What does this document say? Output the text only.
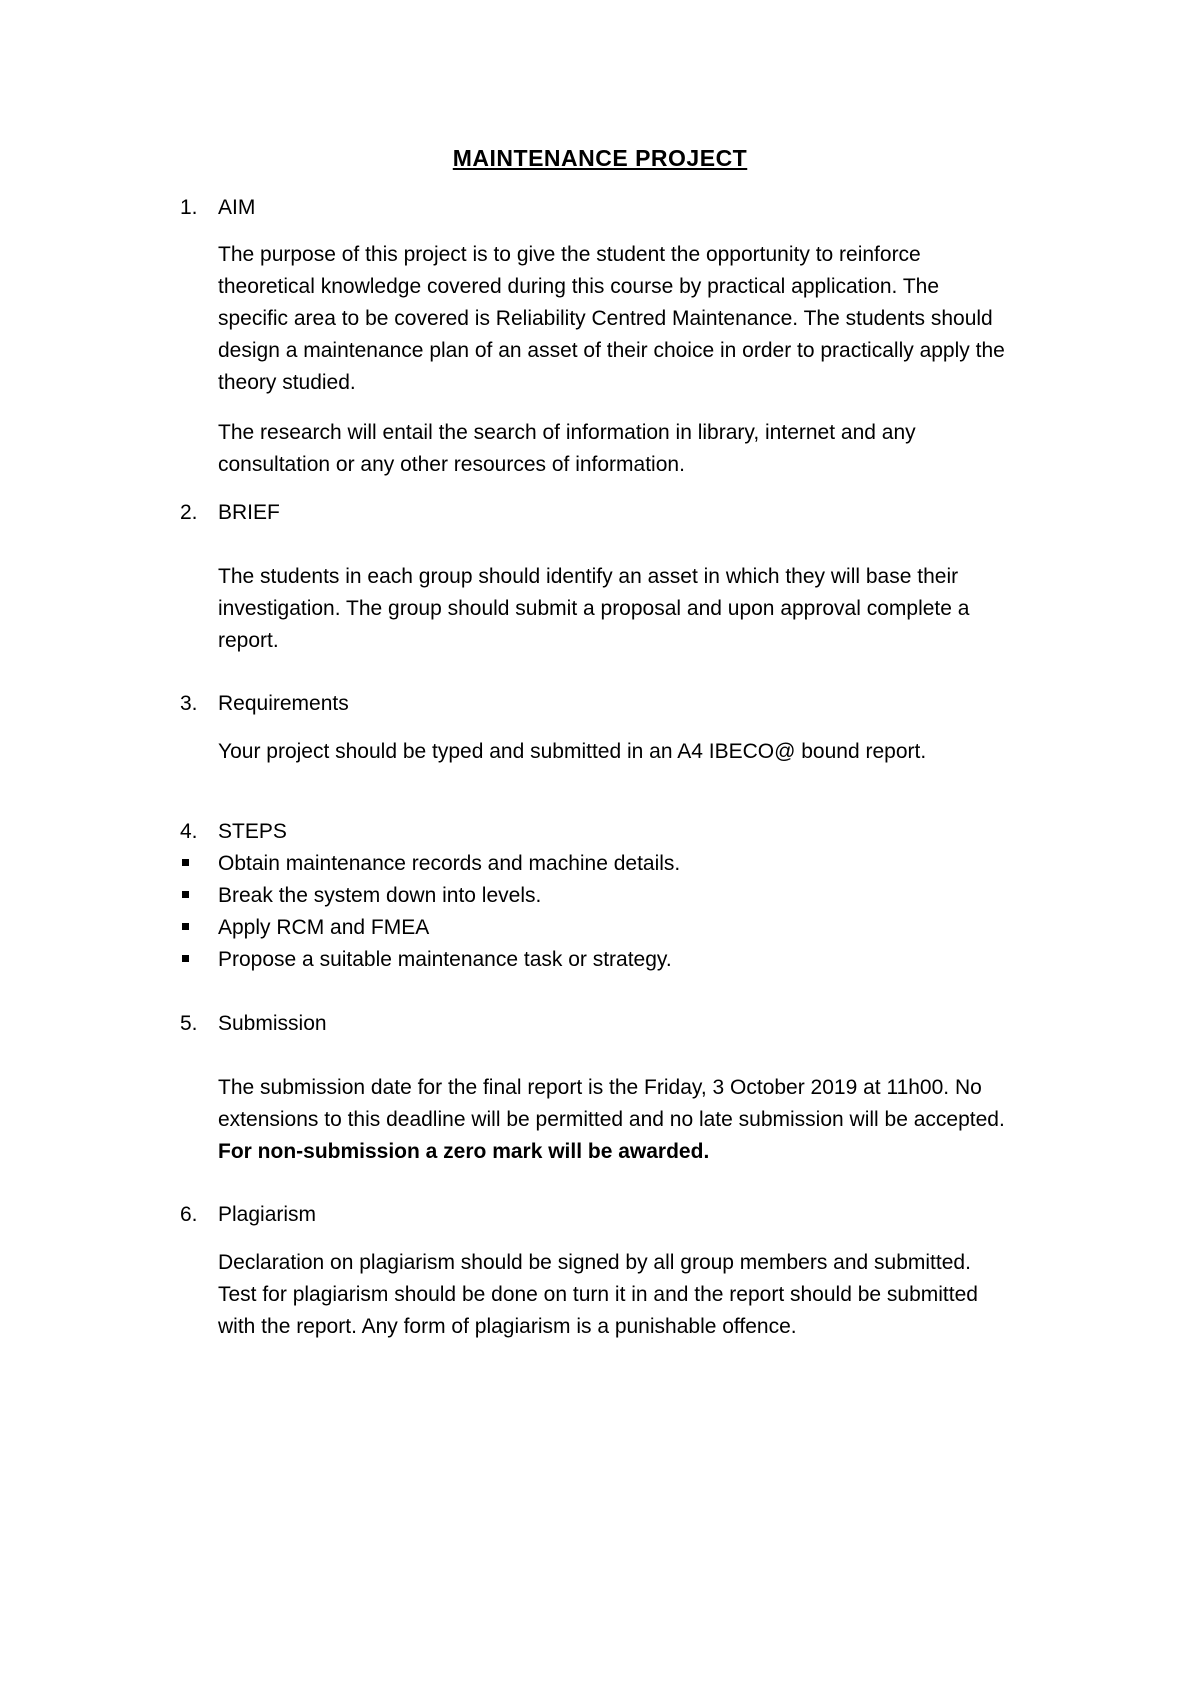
MAINTENANCE PROJECT
1. AIM
The purpose of this project is to give the student the opportunity to reinforce
theoretical knowledge covered during this course by practical application. The
specific area to be covered is Reliability Centred Maintenance. The students should
design a maintenance plan of an asset of their choice in order to practically apply the
theory studied.
The research will entail the search of information in library, internet and any
consultation or any other resources of information.
2. BRIEF
The students in each group should identify an asset in which they will base their
investigation. The group should submit a proposal and upon approval complete a
report.
3. Requirements
Your project should be typed and submitted in an A4 IBECO@ bound report.
4. STEPS
Obtain maintenance records and machine details.
Break the system down into levels.
Apply RCM and FMEA
Propose a suitable maintenance task or strategy.
5. Submission
The submission date for the final report is the Friday, 3 October 2019 at 11h00. No
extensions to this deadline will be permitted and no late submission will be accepted.
For non-submission a zero mark will be awarded.
6. Plagiarism
Declaration on plagiarism should be signed by all group members and submitted.
Test for plagiarism should be done on turn it in and the report should be submitted
with the report. Any form of plagiarism is a punishable offence.
